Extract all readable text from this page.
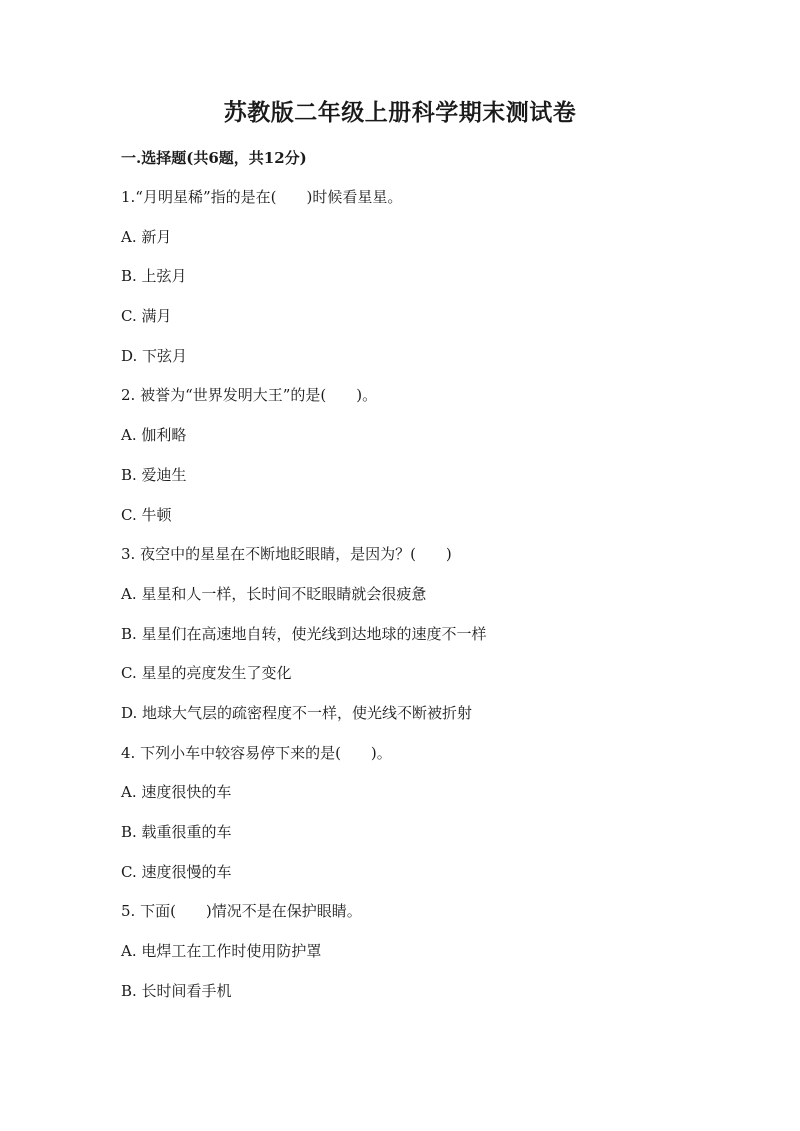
苏教版二年级上册科学期末测试卷
一.选择题(共6题，共12分)
1.“月明星稀”指的是在(　　)时候看星星。
A. 新月
B. 上弦月
C. 满月
D. 下弦月
2. 被誉为“世界发明大王”的是(　　)。
A. 伽利略
B. 爱迪生
C. 牛顿
3. 夜空中的星星在不断地眨眼睛，是因为？(　　)
A. 星星和人一样，长时间不眨眼睛就会很疲惫
B. 星星们在高速地自转，使光线到达地球的速度不一样
C. 星星的亮度发生了变化
D. 地球大气层的疏密程度不一样，使光线不断被折射
4. 下列小车中较容易停下来的是(　　)。
A. 速度很快的车
B. 载重很重的车
C. 速度很慢的车
5. 下面(　　)情况不是在保护眼睛。
A. 电焊工在工作时使用防护罩
B. 长时间看手机
